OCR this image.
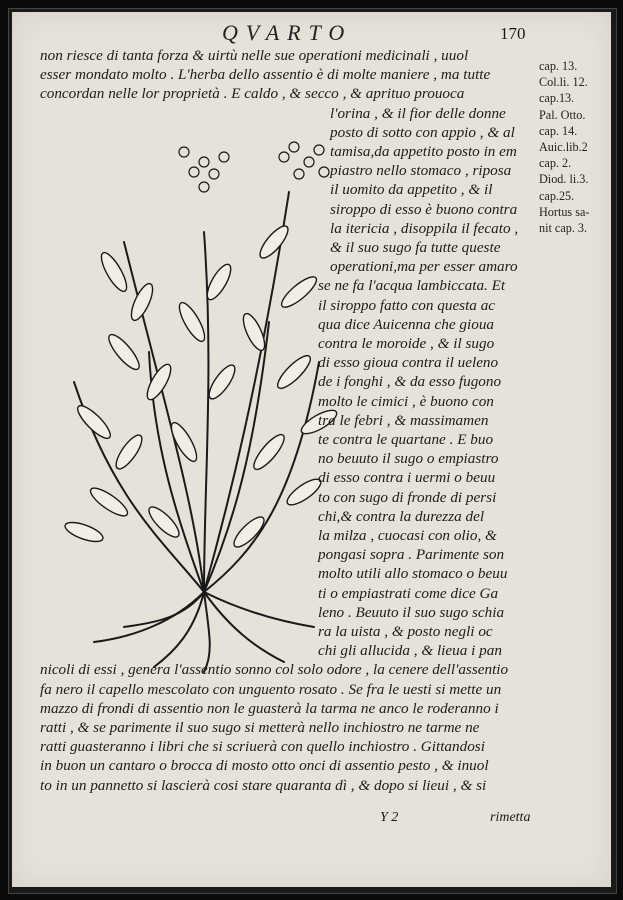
QVARTO	170
non riesce di tanta forza & uirtù nelle sue operationi medicinali , uuol
esser mondato molto . L'herba dello assentio è di molte maniere , ma tutte
concordan nelle lor proprietà . E caldo , & secco , & aprituo prouoca
l'orina , & il fior delle donne
posto di sotto con appio , & al
tamisa,da appetito posto in em
piastro nello stomaco , riposa
il uomito da appetito , & il
siroppo di esso è buono contra
la itericia , disoppila il fecato ,
& il suo sugo fa tutte queste
operationi,ma per esser amaro
se ne fa l'acqua lambiccata. Et
il siroppo fatto con questa ac
qua dice Auicenna che gioua
contra le moroide , & il sugo
di esso gioua contra il ueleno
de i fonghi , & da esso fugono
molto le cimici , è buono con
tra le febri , & massimamen
te contra le quartane . E buo
no beuuto il sugo o empiastro
di esso contra i uermi o beuu
to con sugo di fronde di persi
chi,& contra la durezza del
la milza , cuocasi con olio, &
pongasi sopra . Parimente son
molto utili allo stomaco o beuu
ti o empiastrati come dice Ga
leno . Beuuto il suo sugo schia
ra la uista , & posto negli oc
chi gli allucida , & lieua i pan
nicoli di essi , genera l'assentio sonno col solo odore , la cenere dell'assentio
fa nero il capello mescolato con unguento rosato . Se fra le uesti si mette un
mazzo di frondi di assentio non le guasterà la tarma ne anco le roderanno i
ratti , & se parimente il suo sugo si metterà nello inchiostro ne tarme ne
ratti guasteranno i libri che si scriuerà con quello inchiostro . Gittandosi
in buon un cantaro o brocca di mosto otto onci di assentio pesto , & inuol
to in un pannetto si lascierà cosi stare quaranta dì , & dopo si lieui , & si
cap. 13.
Col.li. 12.
cap.13.
Pal. Otto.
cap. 14.
Auic.lib.2
cap. 2.
Diod. li.3.
cap.25.
Hortus sa-
nit cap. 3.
Y 2	rimetta
